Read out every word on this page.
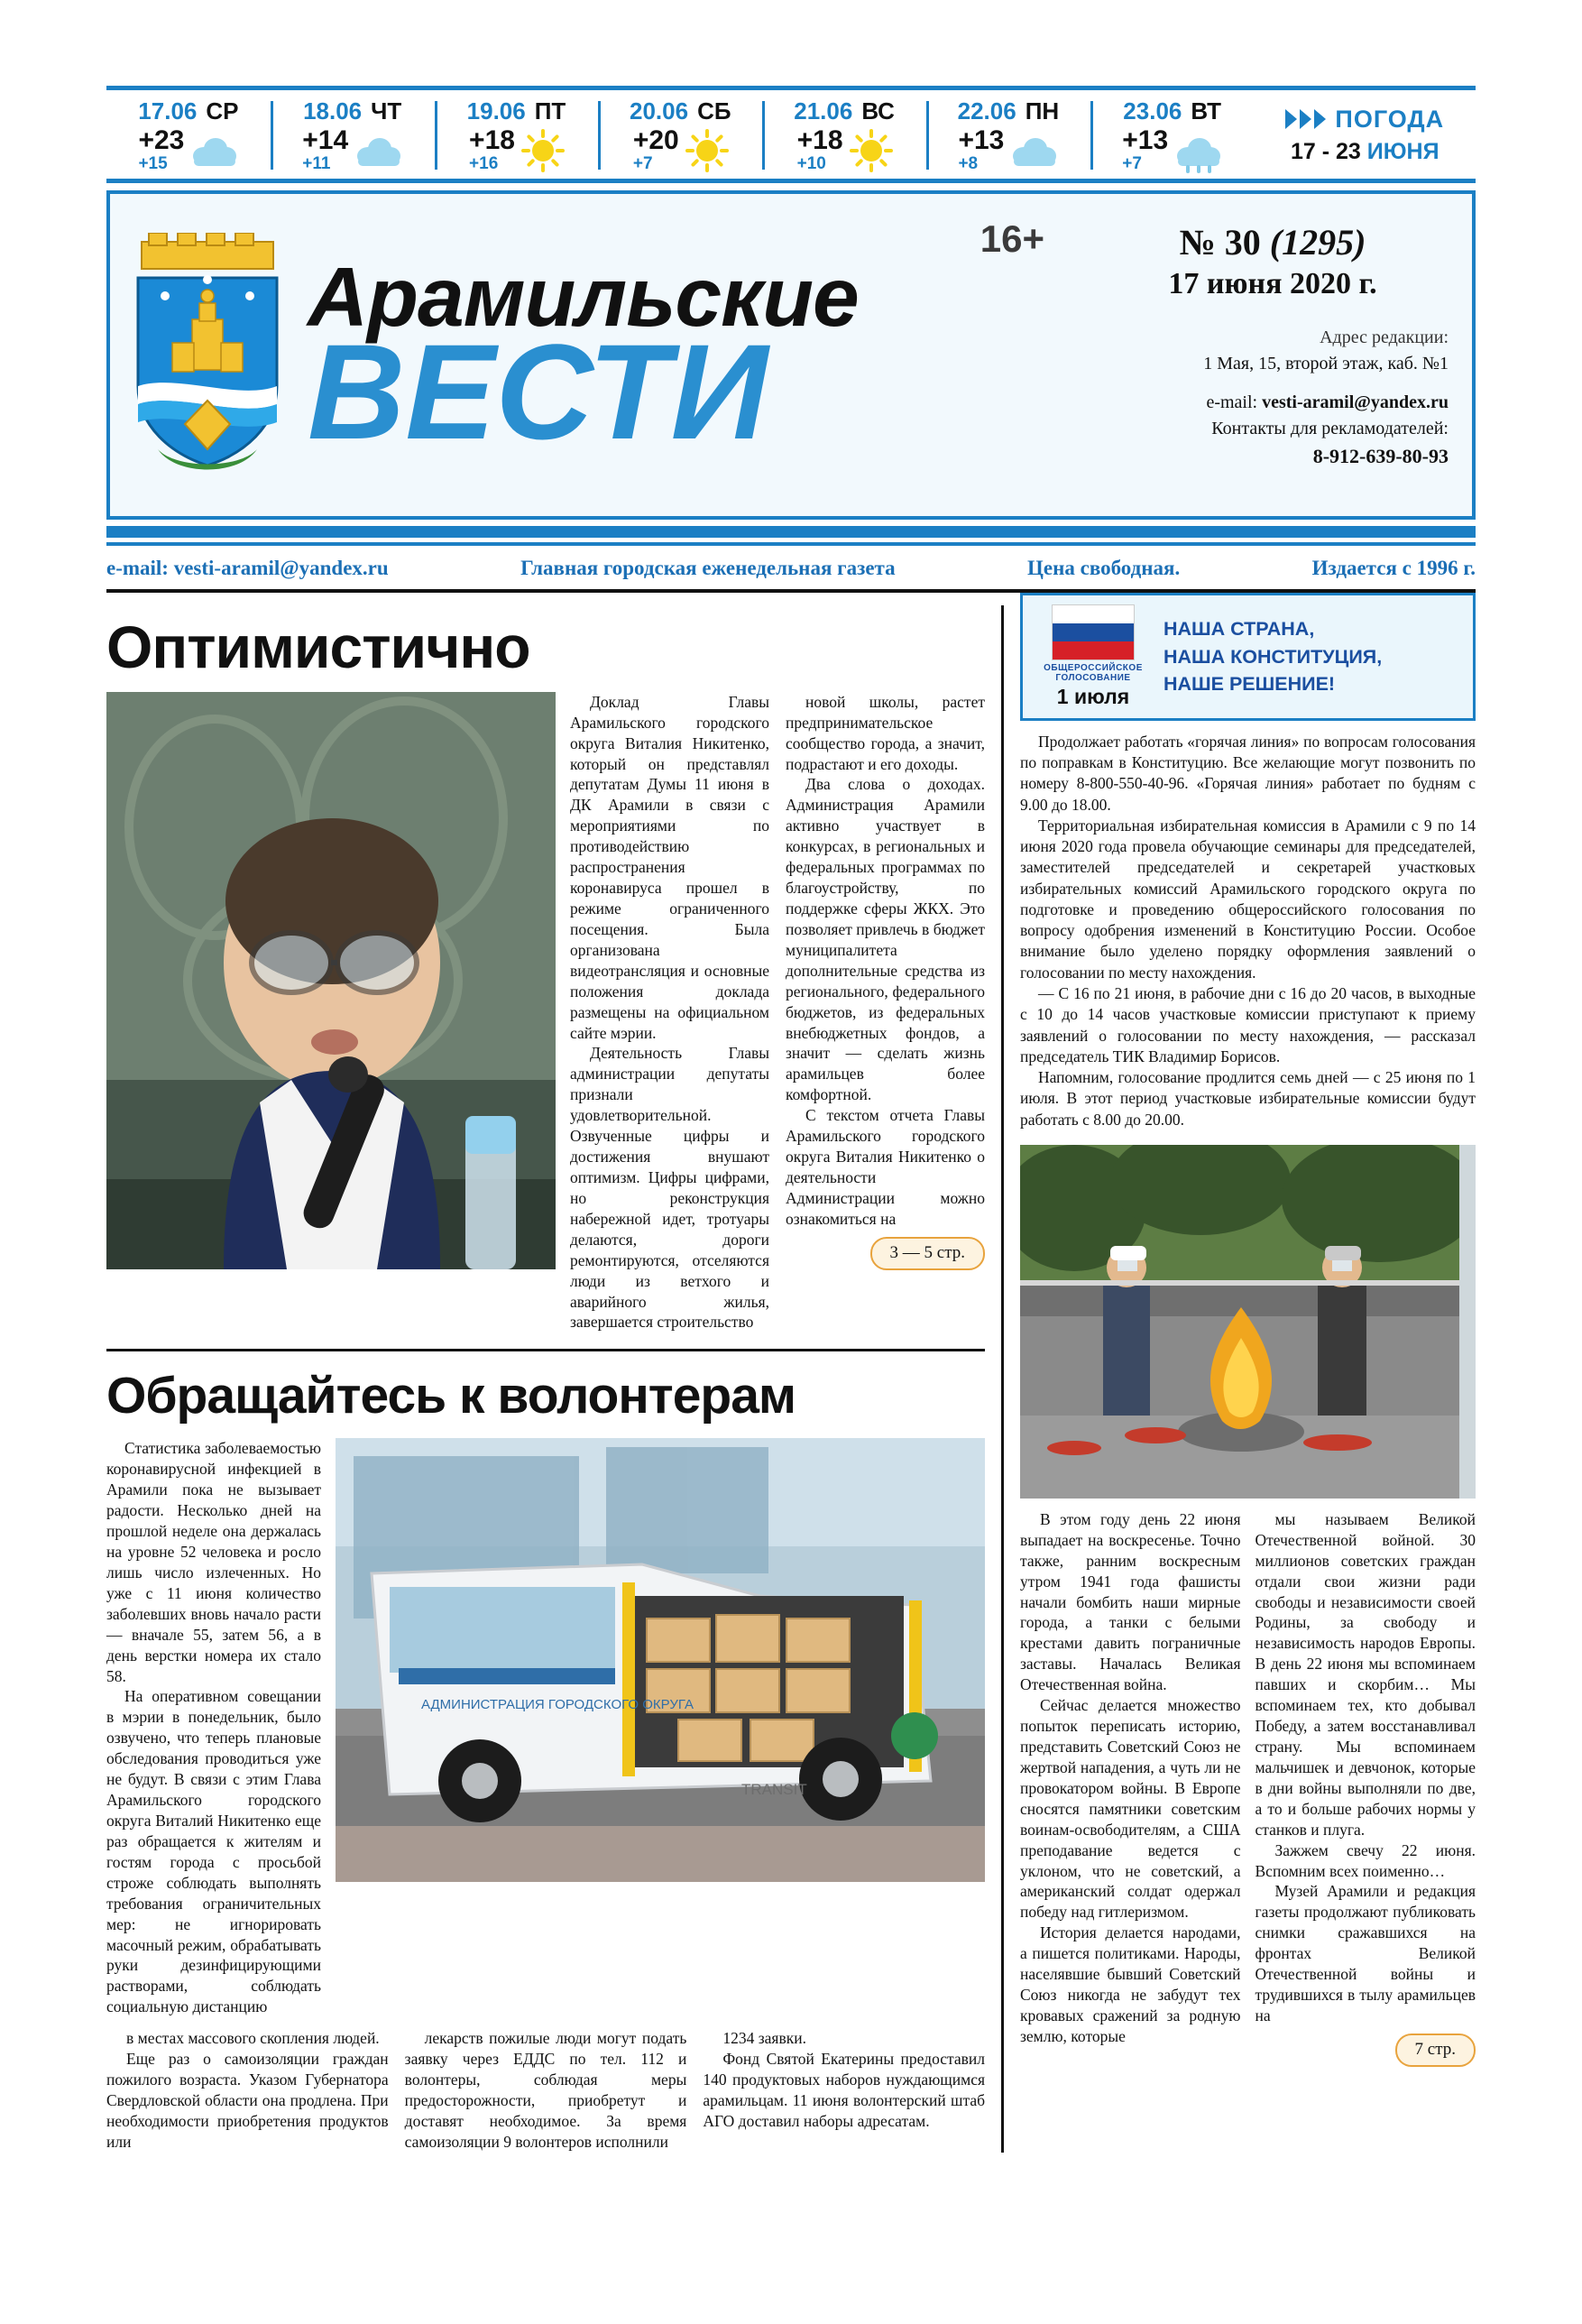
17.06 СР
+23
+15
18.06 ЧТ
+14
+11
19.06 ПТ
+18
+16
20.06 СБ
+20
+7
21.06 ВС
+18
+10
22.06 ПН
+13
+8
23.06 ВТ
+13
+7
ПОГОДА
17 - 23 ИЮНЯ
Арамильские
ВЕСТИ
16+	№ 30 (1295)
17 июня 2020 г.
Адрес редакции:
1 Мая, 15, второй этаж, каб. №1
e-mail: vesti-aramil@yandex.ru
Контакты для рекламодателей:
8-912-639-80-93
e-mail: vesti-aramil@yandex.ru	Главная городская еженедельная газета	Цена свободная.	Издается с 1996 г.
Оптимистично

Доклад Главы Арамильского городского округа Виталия Никитенко, который он представлял депутатам Думы 11 июня в ДК Арамили в связи с мероприятиями по противодействию распространения коронавируса прошел в режиме ограниченного посещения. Была организована видеотрансляция и основные положения доклада размещены на официальном сайте мэрии.

Деятельность Главы администрации депутаты признали удовлетворительной. Озвученные цифры и достижения внушают оптимизм. Цифры цифрами, но реконструкция набережной идет, тротуары делаются, дороги ремонтируются, отселяются люди из ветхого и аварийного жилья, завершается строительство

новой школы, растет предпринимательское сообщество города, а значит, подрастают и его доходы.

Два слова о доходах. Администрация Арамили активно участвует в конкурсах, в региональных и федеральных программах по благоустройству, по поддержке сферы ЖКХ. Это позволяет привлечь в бюджет муниципалитета дополнительные средства из регионального, федерального бюджетов, из федеральных внебюджетных фондов, а значит — сделать жизнь арамильцев более комфортной.

С текстом отчета Главы Арамильского городского округа Виталия Никитенко о деятельности Администрации можно ознакомиться на

3 — 5 стр.
Обращайтесь к волонтерам

Статистика заболеваемостью коронавирусной инфекцией в Арамили пока не вызывает радости. Несколько дней на прошлой неделе она держалась на уровне 52 человека и росло лишь число излеченных. Но уже с 11 июня количество заболевших вновь начало расти — вначале 55, затем 56, а в день верстки номера их стало 58.

На оперативном совещании в мэрии в понедельник, было озвучено, что теперь плановые обследования проводиться уже не будут. В связи с этим Глава Арамильского городского округа Виталий Никитенко еще раз обращается к жителям и гостям города с просьбой строже соблюдать выполнять требования ограничительных мер: не игнорировать масочный режим, обрабатывать руки дезинфицирующими растворами, соблюдать социальную дистанцию

АДМИНИСТРАЦИЯ ГОРОДСКОГО ОКРУГА
TRANSIT

в местах массового скопления людей.

Еще раз о самоизоляции граждан пожилого возраста. Указом Губернатора Свердловской области она продлена. При необходимости приобретения продуктов или

лекарств пожилые люди могут подать заявку через ЕДДС по тел. 112 и волонтеры, соблюдая меры предосторожности, приобретут и доставят необходимое. За время самоизоляции 9 волонтеров исполнили

1234 заявки.

Фонд Святой Екатерины предоставил 140 продуктовых наборов нуждающимся арамильцам. 11 июня волонтерский штаб АГО доставил наборы адресатам.

ОБЩЕРОССИЙСКОЕ ГОЛОСОВАНИЕ
1 июля
НАША СТРАНА,
НАША КОНСТИТУЦИЯ,
НАШЕ РЕШЕНИЕ!

Продолжает работать «горячая линия» по вопросам голосования по поправкам в Конституцию. Все желающие могут позвонить по номеру 8-800-550-40-96. «Горячая линия» работает по будням с 9.00 до 18.00.

Территориальная избирательная комиссия в Арамили с 9 по 14 июня 2020 года провела обучающие семинары для председателей, заместителей председателей и секретарей участковых избирательных комиссий Арамильского городского округа по подготовке и проведению общероссийского голосования по вопросу одобрения изменений в Конституцию России. Особое внимание было уделено порядку оформления заявлений о голосовании по месту нахождения.

— С 16 по 21 июня, в рабочие дни с 16 до 20 часов, в выходные с 10 до 14 часов участковые комиссии приступают к приему заявлений о голосовании по месту нахождения, — рассказал председатель ТИК Владимир Борисов.

Напомним, голосование продлится семь дней — с 25 июня по 1 июля. В этот период участковые избирательные комиссии будут работать с 8.00 до 20.00.

В этом году день 22 июня выпадает на воскресенье. Точно также, ранним воскресным утром 1941 года фашисты начали бомбить наши мирные города, а танки с белыми крестами давить пограничные заставы. Началась Великая Отечественная война.

Сейчас делается множество попыток переписать историю, представить Советский Союз не жертвой нападения, а чуть ли не провокатором войны. В Европе сносятся памятники советским воинам-освободителям, а США преподавание ведется с уклоном, что не советский, а американский солдат одержал победу над гитлеризмом.

История делается народами, а пишется политиками. Народы, населявшие бывший Советский Союз никогда не забудут тех кровавых сражений за родную землю, которые

мы называем Великой Отечественной войной. 30 миллионов советских граждан отдали свои жизни ради свободы и независимости своей Родины, за свободу и независимость народов Европы. В день 22 июня мы вспоминаем павших и скорбим… Мы вспоминаем тех, кто добывал Победу, а затем восстанавливал страну. Мы вспоминаем мальчишек и девчонок, которые в дни войны выполняли по две, а то и больше рабочих нормы у станков и плуга.

Зажжем свечу 22 июня. Вспомним всех поименно…

Музей Арамили и редакция газеты продолжают публиковать снимки сражавшихся на фронтах Великой Отечественной войны и трудившихся в тылу арамильцев на

7 стр.
